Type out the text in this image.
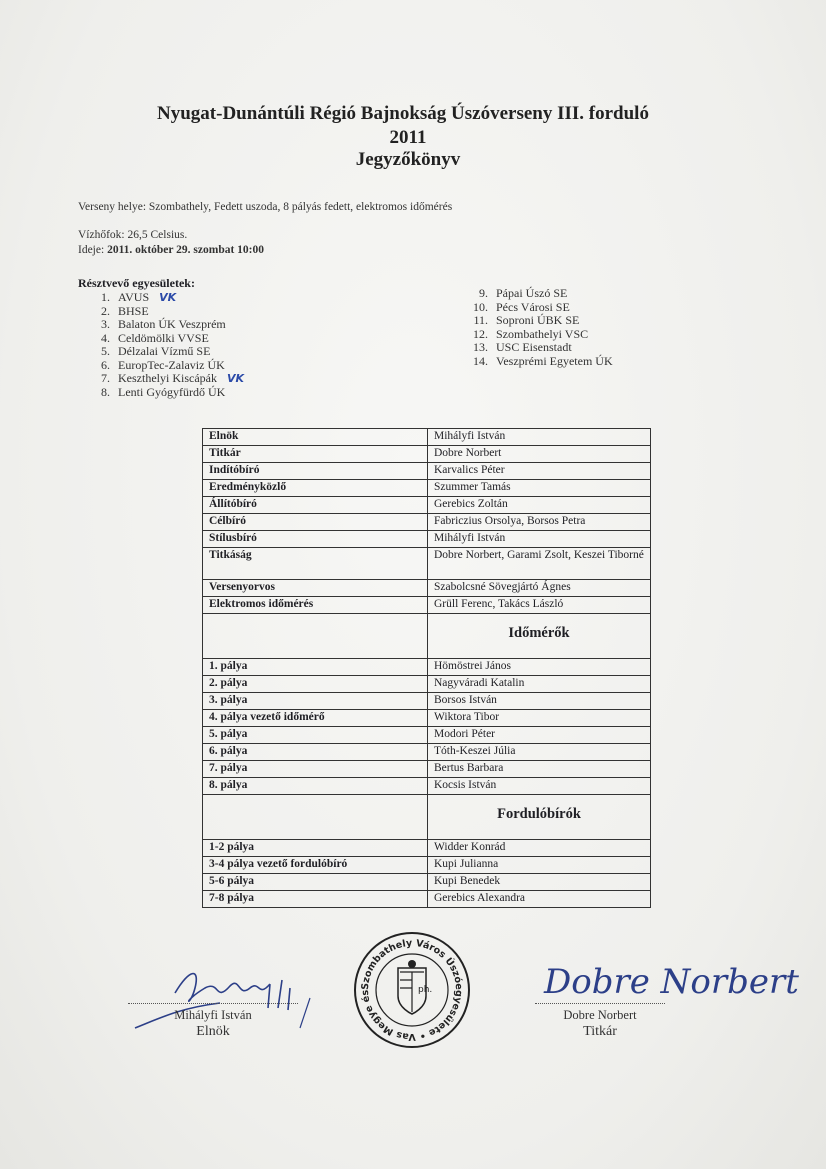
Nyugat-Dunántúli Régió Bajnokság Úszóverseny III. forduló
2011
Jegyzőkönyv
Verseny helye: Szombathely, Fedett uszoda, 8 pályás fedett, elektromos időmérés
Vízhőfok: 26,5 Celsius.
Ideje: 2011. október 29. szombat 10:00
Résztvevő egyesületek:
1. AVUS VK
2. BHSE
3. Balaton ÚK Veszprém
4. Celdömölki VVSE
5. Délzalai Vízmű SE
6. EuropTec-Zalaviz ÚK
7. Keszthelyi Kiscápák VK
8. Lenti Gyógyfürdő ÚK
9. Pápai Úszó SE
10. Pécs Városi SE
11. Soproni ÚBK SE
12. Szombathelyi VSC
13. USC Eisenstadt
14. Veszprémi Egyetem ÚK
Elnök	Mihályfi István
Titkár	Dobre Norbert
Indítóbíró	Karvalics Péter
Eredményközlő	Szummer Tamás
Állítóbíró	Gerebics Zoltán
Célbíró	Fabriczius Orsolya, Borsos Petra
Stílusbíró	Mihályfi István
Titkáság	Dobre Norbert, Garami Zsolt, Keszei Tiborné
Versenyorvos	Szabolcsné Sövegjártó Ágnes
Elektromos időmérés	Grüll Ferenc, Takács László

	Időmérők

1. pálya	Hömöstrei János
2. pálya	Nagyváradi Katalin
3. pálya	Borsos István
4. pálya vezető időmérő	Wiktora Tibor
5. pálya	Modori Péter
6. pálya	Tóth-Keszei Júlia
7. pálya	Bertus Barbara
8. pálya	Kocsis István

	Fordulóbírók

1-2 pálya	Widder Konrád
3-4 pálya vezető fordulóbíró	Kupi Julianna
5-6 pálya	Kupi Benedek
7-8 pálya	Gerebics Alexandra
Mihályfi István
Elnök
Szombathely Város Úszóegyesülete • Vas Megye és	ph.	Dobre Norbert
Dobre Norbert
Titkár
